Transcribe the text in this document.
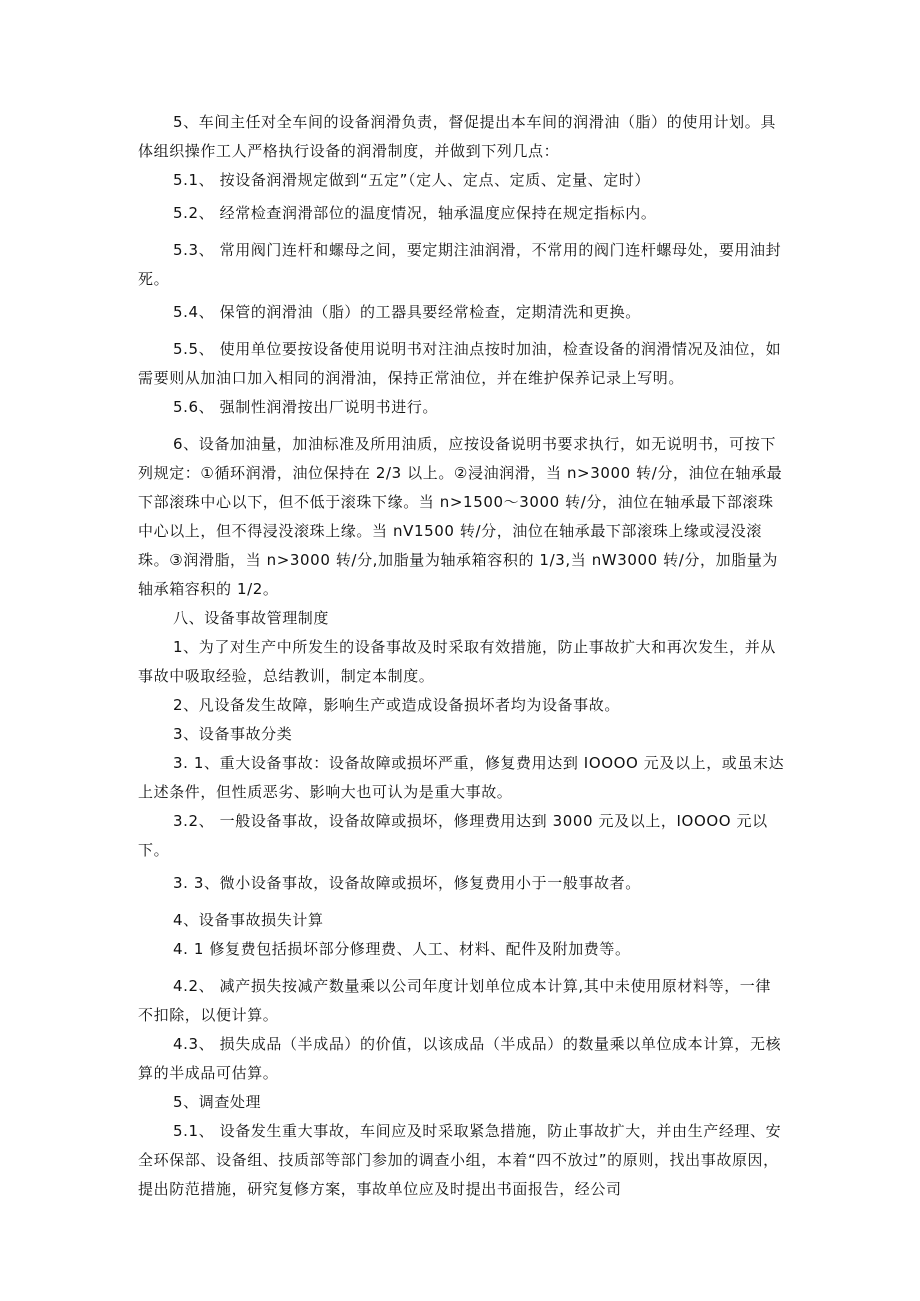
5、车间主任对全车间的设备润滑负责，督促提出本车间的润滑油（脂）的使用计划。具体组织操作工人严格执行设备的润滑制度，并做到下列几点：

5.1、 按设备润滑规定做到“五定”（定人、定点、定质、定量、定时）

5.2、 经常检查润滑部位的温度情况，轴承温度应保持在规定指标内。

5.3、 常用阀门连杆和螺母之间，要定期注油润滑，不常用的阀门连杆螺母处，要用油封死。

5.4、 保管的润滑油（脂）的工器具要经常检查，定期清洗和更换。

5.5、 使用单位要按设备使用说明书对注油点按时加油，检查设备的润滑情况及油位，如需要则从加油口加入相同的润滑油，保持正常油位，并在维护保养记录上写明。

5.6、 强制性润滑按出厂说明书进行。

6、设备加油量，加油标准及所用油质，应按设备说明书要求执行，如无说明书，可按下列规定：①循环润滑，油位保持在 2/3 以上。②浸油润滑，当 n>3000 转/分，油位在轴承最下部滚珠中心以下，但不低于滚珠下缘。当 n>1500～3000 转/分，油位在轴承最下部滚珠中心以上，但不得浸没滚珠上缘。当 nV1500 转/分，油位在轴承最下部滚珠上缘或浸没滚珠。③润滑脂，当 n>3000 转/分,加脂量为轴承箱容积的 1/3,当 nW3000 转/分，加脂量为轴承箱容积的 1/2。

八、设备事故管理制度

1、为了对生产中所发生的设备事故及时采取有效措施，防止事故扩大和再次发生，并从事故中吸取经验，总结教训，制定本制度。

2、凡设备发生故障，影响生产或造成设备损坏者均为设备事故。

3、设备事故分类

3. 1、重大设备事故：设备故障或损坏严重，修复费用达到 IOOOO 元及以上，或虽末达上述条件，但性质恶劣、影响大也可认为是重大事故。

3.2、 一般设备事故，设备故障或损坏，修理费用达到 3000 元及以上，IOOOO 元以下。

3. 3、微小设备事故，设备故障或损坏，修复费用小于一般事故者。

4、设备事故损失计算

4. 1 修复费包括损坏部分修理费、人工、材料、配件及附加费等。

4.2、 减产损失按减产数量乘以公司年度计划单位成本计算,其中未使用原材料等，一律不扣除，以便计算。

4.3、 损失成品（半成品）的价值，以该成品（半成品）的数量乘以单位成本计算，无核算的半成品可估算。

5、调查处理

5.1、 设备发生重大事故，车间应及时采取紧急措施，防止事故扩大，并由生产经理、安全环保部、设备组、技质部等部门参加的调查小组，本着“四不放过”的原则，找出事故原因，提出防范措施，研究复修方案，事故单位应及时提出书面报告，经公司
